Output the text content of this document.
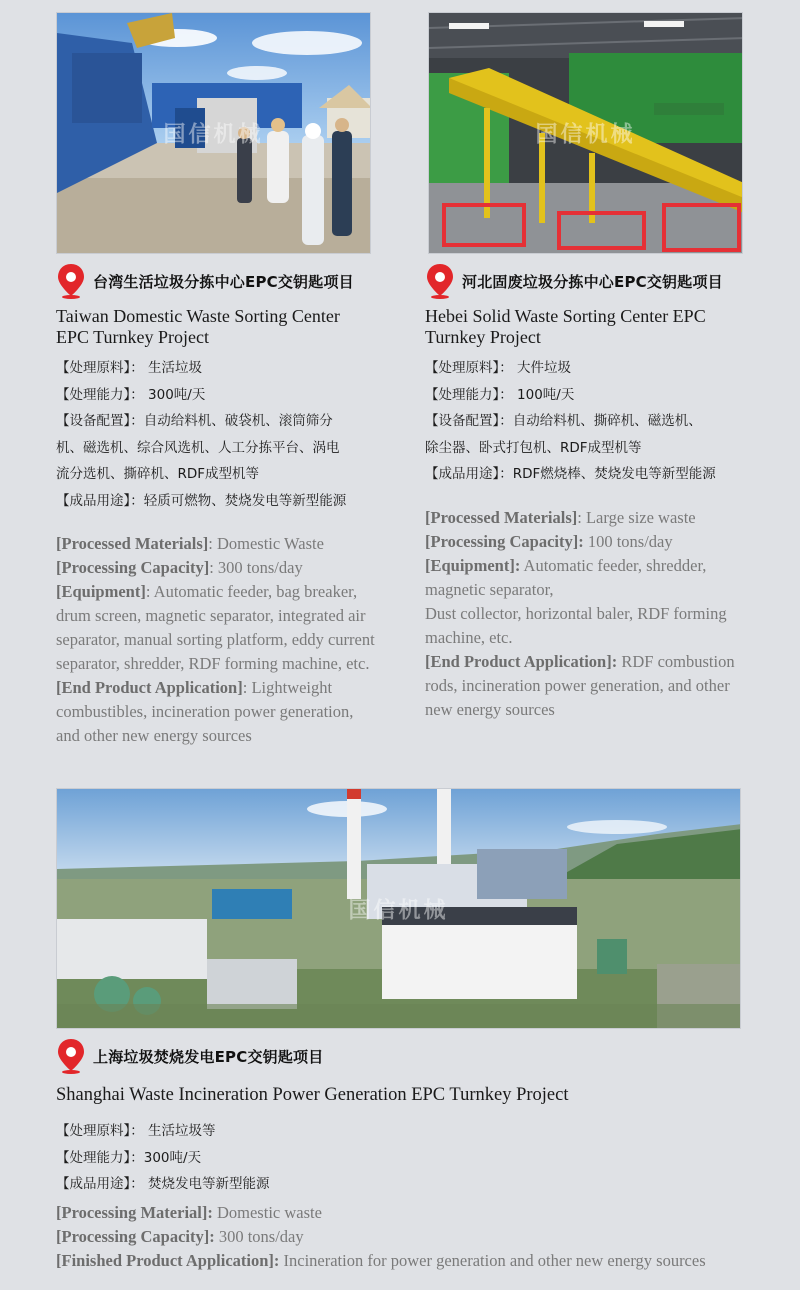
国信机械
台湾生活垃圾分拣中心EPC交钥匙项目
Taiwan Domestic Waste Sorting Center EPC Turnkey Project
【处理原料】： 生活垃圾
【处理能力】： 300吨/天
【设备配置】：自动给料机、破袋机、滚筒筛分
机、磁选机、综合风选机、人工分拣平台、涡电
流分选机、撕碎机、RDF成型机等
【成品用途】：轻质可燃物、焚烧发电等新型能源
[Processed Materials]: Domestic Waste
[Processing Capacity]: 300 tons/day
[Equipment]: Automatic feeder, bag breaker, drum screen, magnetic separator, integrated air separator, manual sorting platform, eddy current separator, shredder, RDF forming machine, etc.
[End Product Application]: Lightweight combustibles, incineration power generation, and other new energy sources
国信机械
河北固废垃圾分拣中心EPC交钥匙项目
Hebei Solid Waste Sorting Center EPC Turnkey Project
【处理原料】： 大件垃圾
【处理能力】： 100吨/天
【设备配置】：自动给料机、撕碎机、磁选机、
除尘器、卧式打包机、RDF成型机等
【成品用途】：RDF燃烧棒、焚烧发电等新型能源
[Processed Materials]: Large size waste
[Processing Capacity]: 100 tons/day
[Equipment]: Automatic feeder, shredder, magnetic separator,
Dust collector, horizontal baler, RDF forming machine, etc.
[End Product Application]: RDF combustion rods, incineration power generation, and other new energy sources
国信机械
上海垃圾焚烧发电EPC交钥匙项目
Shanghai Waste Incineration Power Generation EPC Turnkey Project
【处理原料】： 生活垃圾等
【处理能力】：300吨/天
【成品用途】： 焚烧发电等新型能源
[Processing Material]: Domestic waste
[Processing Capacity]: 300 tons/day
[Finished Product Application]: Incineration for power generation and other new energy sources
